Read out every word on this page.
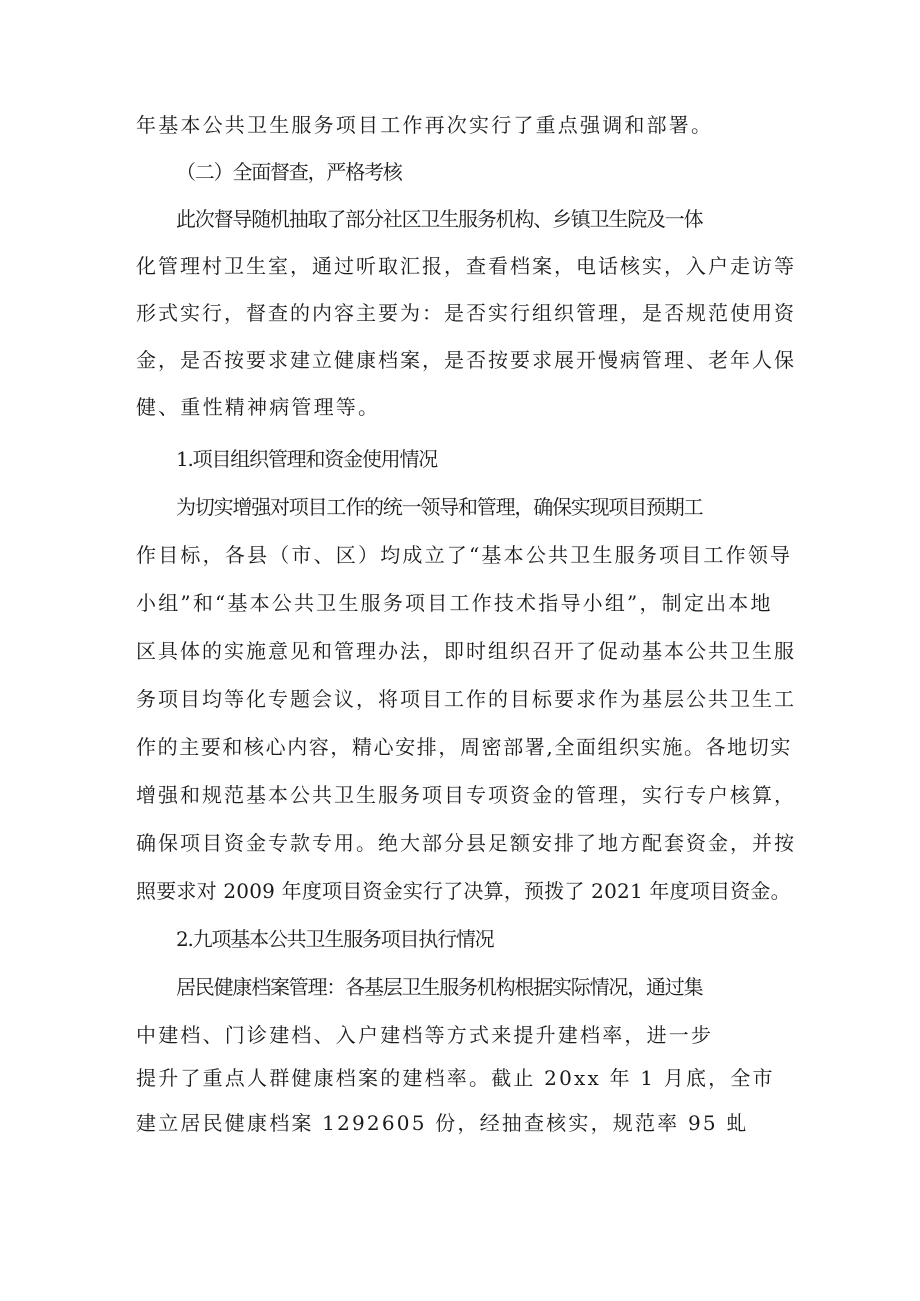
年基本公共卫生服务项目工作再次实行了重点强调和部署。
（二）全面督查，严格考核
此次督导随机抽取了部分社区卫生服务机构、乡镇卫生院及一体
化管理村卫生室，通过听取汇报，查看档案，电话核实，入户走访等
形式实行，督查的内容主要为：是否实行组织管理，是否规范使用资
金，是否按要求建立健康档案，是否按要求展开慢病管理、老年人保
健、重性精神病管理等。
1.项目组织管理和资金使用情况
为切实增强对项目工作的统一领导和管理，确保实现项目预期工
作目标，各县（市、区）均成立了“基本公共卫生服务项目工作领导
小组”和“基本公共卫生服务项目工作技术指导小组”，制定出本地
区具体的实施意见和管理办法，即时组织召开了促动基本公共卫生服
务项目均等化专题会议，将项目工作的目标要求作为基层公共卫生工
作的主要和核心内容，精心安排，周密部署,全面组织实施。各地切实
增强和规范基本公共卫生服务项目专项资金的管理，实行专户核算，
确保项目资金专款专用。绝大部分县足额安排了地方配套资金，并按
照要求对 2009 年度项目资金实行了决算，预拨了 2021 年度项目资金。
2.九项基本公共卫生服务项目执行情况
居民健康档案管理：各基层卫生服务机构根据实际情况，通过集
中建档、门诊建档、入户建档等方式来提升建档率，进一步
提升了重点人群健康档案的建档率。截止 20xx 年 1 月底，全市
建立居民健康档案 1292605 份，经抽查核实，规范率 95 虬
